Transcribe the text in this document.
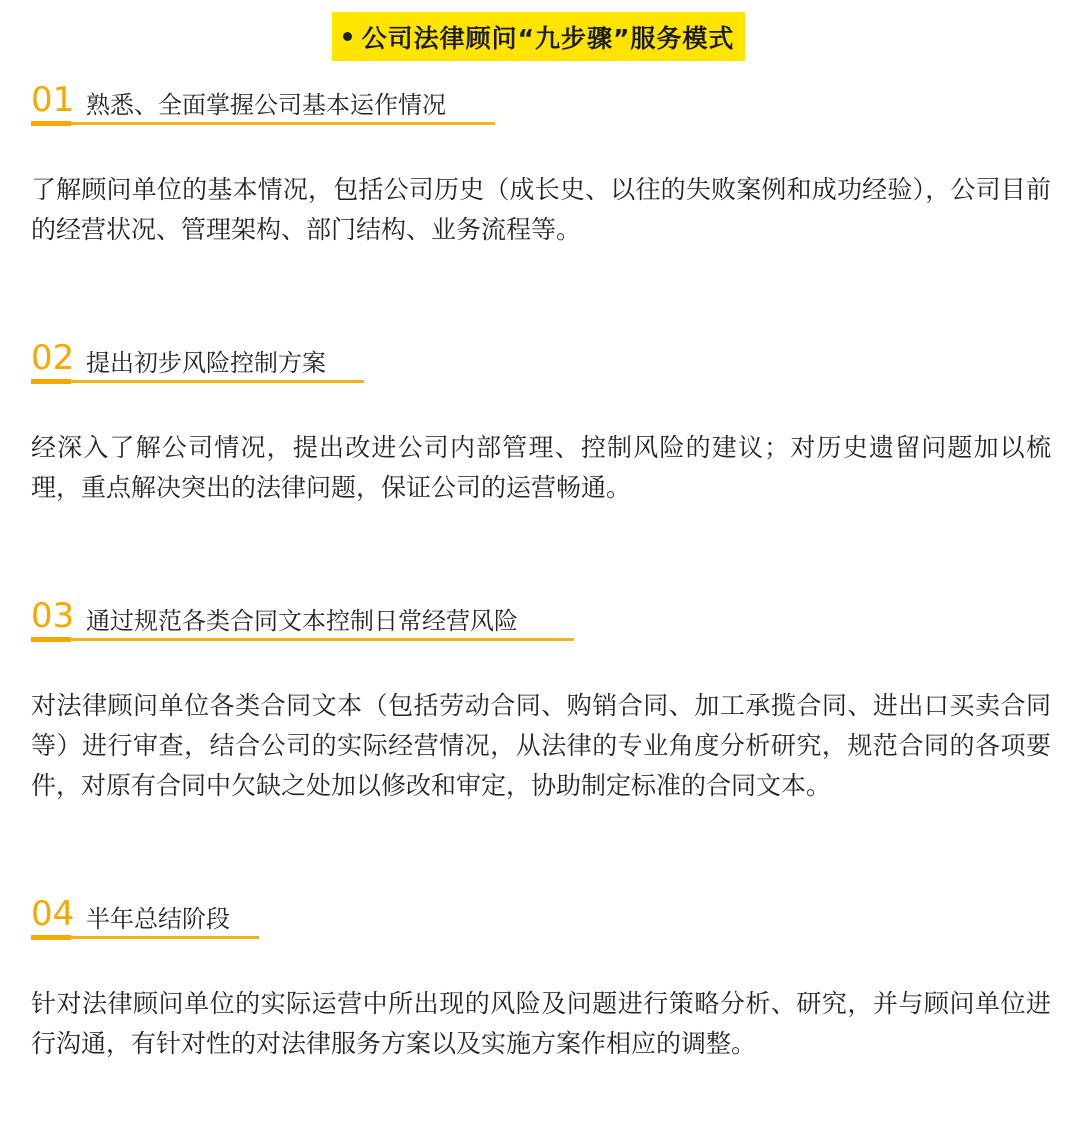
公司法律顾问“九步骤”服务模式
01 熟悉、全面掌握公司基本运作情况
了解顾问单位的基本情况，包括公司历史（成长史、以往的失败案例和成功经验），公司目前的经营状况、管理架构、部门结构、业务流程等。
02 提出初步风险控制方案
经深入了解公司情况，提出改进公司内部管理、控制风险的建议；对历史遗留问题加以梳理，重点解决突出的法律问题，保证公司的运营畅通。
03 通过规范各类合同文本控制日常经营风险
对法律顾问单位各类合同文本（包括劳动合同、购销合同、加工承揽合同、进出口买卖合同等）进行审查，结合公司的实际经营情况，从法律的专业角度分析研究，规范合同的各项要件，对原有合同中欠缺之处加以修改和审定，协助制定标准的合同文本。
04 半年总结阶段
针对法律顾问单位的实际运营中所出现的风险及问题进行策略分析、研究，并与顾问单位进行沟通，有针对性的对法律服务方案以及实施方案作相应的调整。
